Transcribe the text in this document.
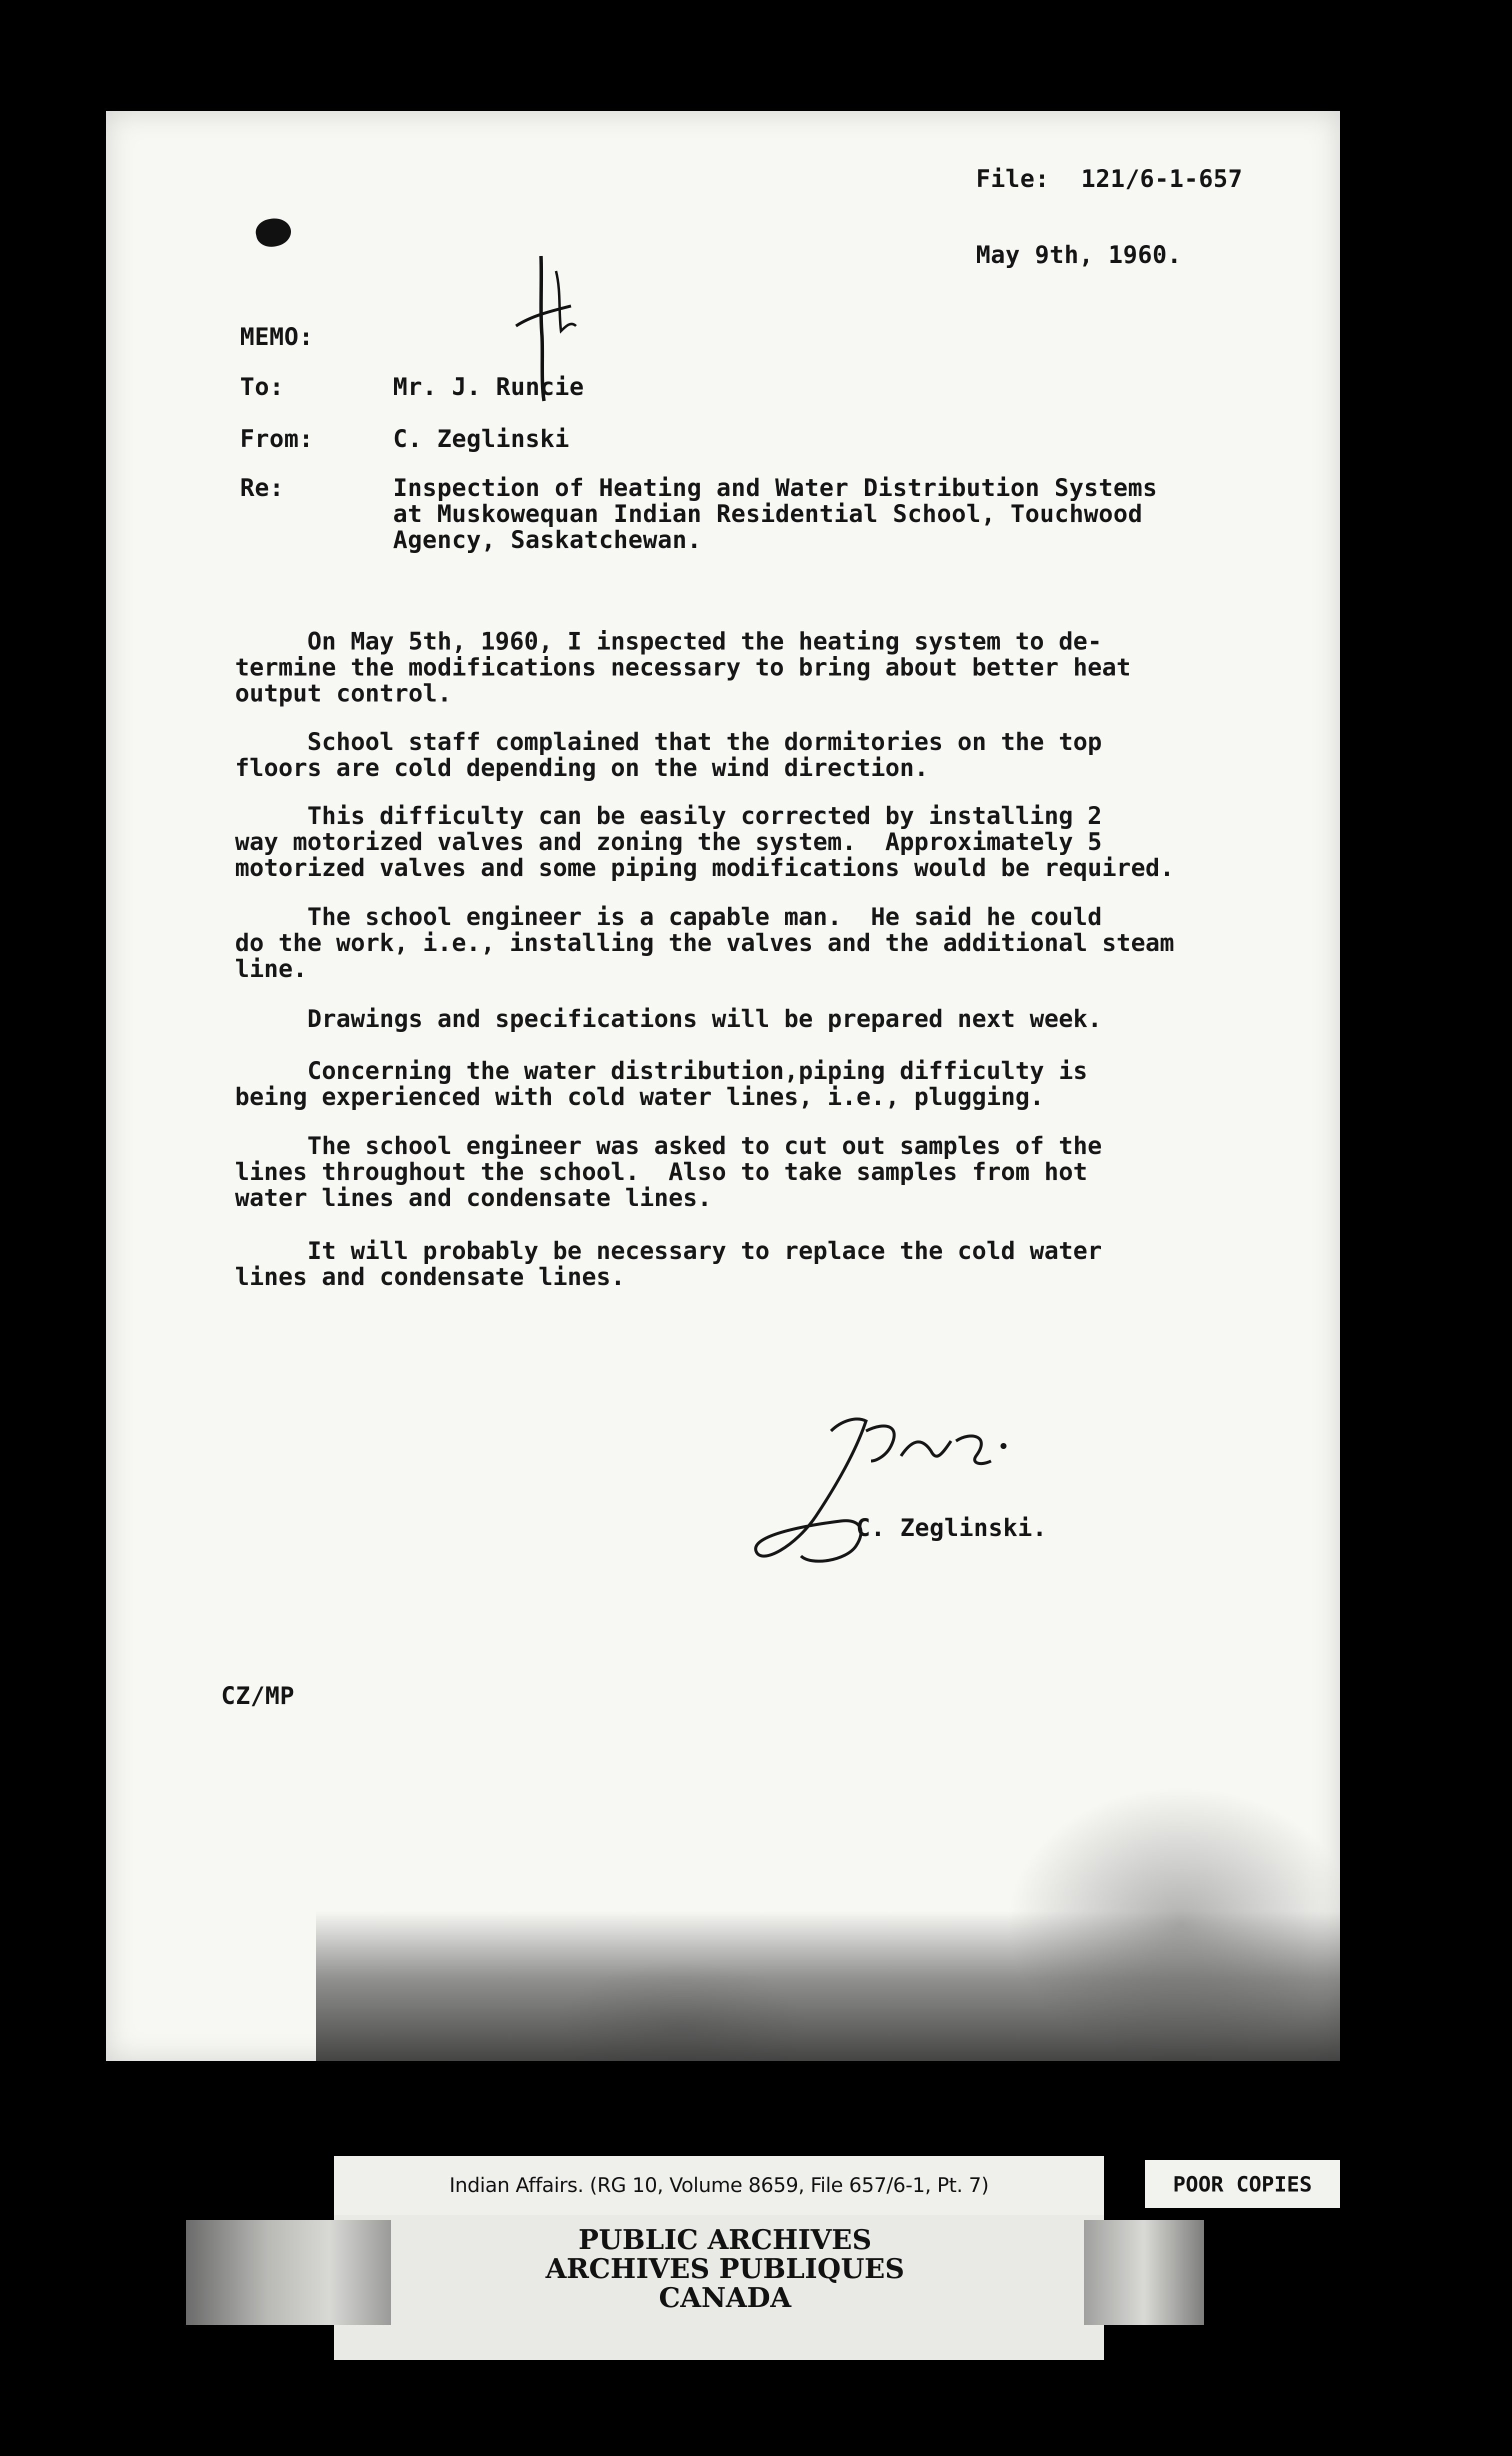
File: 121/6-1-657
May 9th, 1960.
MEMO:
To:	Mr. J. Runcie
From:	C. Zeglinski
Re:	Inspection of Heating and Water Distribution Systems
at Muskowequan Indian Residential School, Touchwood
Agency, Saskatchewan.
On May 5th, 1960, I inspected the heating system to de-
termine the modifications necessary to bring about better heat
output control.
School staff complained that the dormitories on the top
floors are cold depending on the wind direction.
This difficulty can be easily corrected by installing 2
way motorized valves and zoning the system.  Approximately 5
motorized valves and some piping modifications would be required.
The school engineer is a capable man.  He said he could
do the work, i.e., installing the valves and the additional steam
line.
Drawings and specifications will be prepared next week.
Concerning the water distribution,piping difficulty is
being experienced with cold water lines, i.e., plugging.
The school engineer was asked to cut out samples of the
lines throughout the school.  Also to take samples from hot
water lines and condensate lines.
It will probably be necessary to replace the cold water
lines and condensate lines.
C. Zeglinski.
CZ/MP
Indian Affairs. (RG 10, Volume 8659, File 657/6-1, Pt. 7)	POOR COPIES
PUBLIC ARCHIVES
ARCHIVES PUBLIQUES
CANADA
